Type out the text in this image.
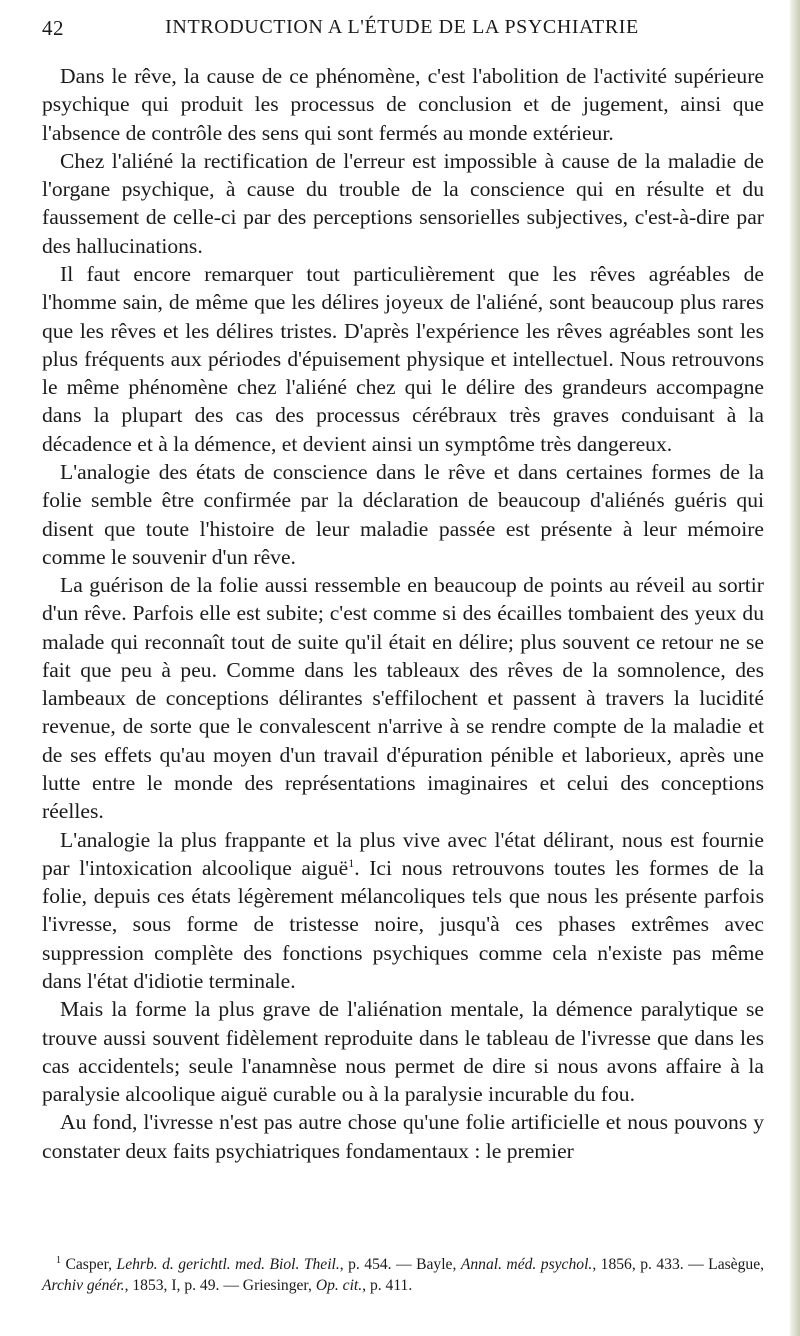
42	INTRODUCTION A L'ÉTUDE DE LA PSYCHIATRIE

Dans le rêve, la cause de ce phénomène, c'est l'abolition de l'activité supérieure psychique qui produit les processus de conclusion et de jugement, ainsi que l'absence de contrôle des sens qui sont fermés au monde extérieur.

Chez l'aliéné la rectification de l'erreur est impossible à cause de la maladie de l'organe psychique, à cause du trouble de la conscience qui en résulte et du faussement de celle-ci par des perceptions sensorielles subjectives, c'est-à-dire par des hallucinations.

Il faut encore remarquer tout particulièrement que les rêves agréables de l'homme sain, de même que les délires joyeux de l'aliéné, sont beaucoup plus rares que les rêves et les délires tristes. D'après l'expérience les rêves agréables sont les plus fréquents aux périodes d'épuisement physique et intellectuel. Nous retrouvons le même phénomène chez l'aliéné chez qui le délire des grandeurs accompagne dans la plupart des cas des processus cérébraux très graves conduisant à la décadence et à la démence, et devient ainsi un symptôme très dangereux.

L'analogie des états de conscience dans le rêve et dans certaines formes de la folie semble être confirmée par la déclaration de beaucoup d'aliénés guéris qui disent que toute l'histoire de leur maladie passée est présente à leur mémoire comme le souvenir d'un rêve.

La guérison de la folie aussi ressemble en beaucoup de points au réveil au sortir d'un rêve. Parfois elle est subite; c'est comme si des écailles tombaient des yeux du malade qui reconnaît tout de suite qu'il était en délire; plus souvent ce retour ne se fait que peu à peu. Comme dans les tableaux des rêves de la somnolence, des lambeaux de conceptions délirantes s'effilochent et passent à travers la lucidité revenue, de sorte que le convalescent n'arrive à se rendre compte de la maladie et de ses effets qu'au moyen d'un travail d'épuration pénible et laborieux, après une lutte entre le monde des représentations imaginaires et celui des conceptions réelles.

L'analogie la plus frappante et la plus vive avec l'état délirant, nous est fournie par l'intoxication alcoolique aiguë$^1$. Ici nous retrouvons toutes les formes de la folie, depuis ces états légèrement mélancoliques tels que nous les présente parfois l'ivresse, sous forme de tristesse noire, jusqu'à ces phases extrêmes avec suppression complète des fonctions psychiques comme cela n'existe pas même dans l'état d'idiotie terminale.

Mais la forme la plus grave de l'aliénation mentale, la démence paralytique se trouve aussi souvent fidèlement reproduite dans le tableau de l'ivresse que dans les cas accidentels; seule l'anamnèse nous permet de dire si nous avons affaire à la paralysie alcoolique aiguë curable ou à la paralysie incurable du fou.

Au fond, l'ivresse n'est pas autre chose qu'une folie artificielle et nous pouvons y constater deux faits psychiatriques fondamentaux : le premier

$^1$ Casper, Lehrb. d. gerichtl. med. Biol. Theil., p. 454. — Bayle, Annal. méd. psychol., 1856, p. 433. — Lasègue, Archiv génér., 1853, I, p. 49. — Griesinger, Op. cit., p. 411.
